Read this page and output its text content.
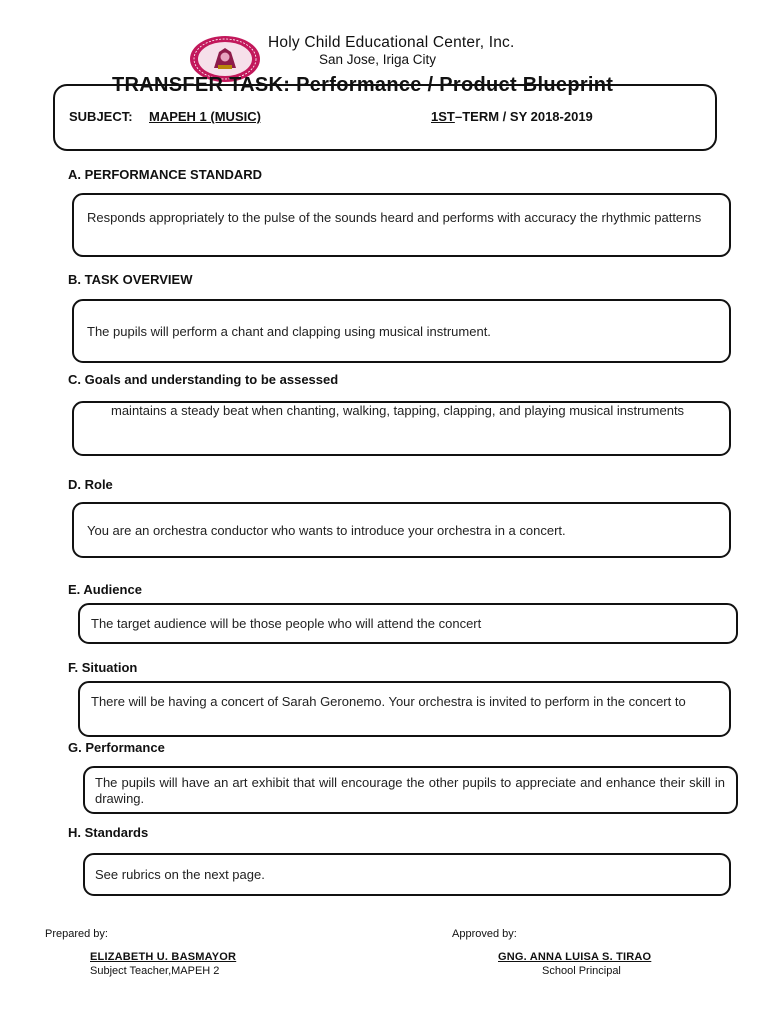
Holy Child Educational Center, Inc.
San Jose, Iriga City
TRANSFER TASK: Performance / Product Blueprint
SUBJECT: MAPEH 1 (MUSIC)	1ST –TERM / SY 2018-2019
A. PERFORMANCE STANDARD
Responds appropriately to the pulse of the sounds heard and performs with accuracy the rhythmic patterns
B. TASK OVERVIEW
The pupils will perform a chant and clapping using musical instrument.
C. Goals and understanding to be assessed
maintains a steady beat when chanting, walking, tapping, clapping, and playing musical instruments
D. Role
You are an orchestra conductor who wants to introduce your orchestra in a concert.
E. Audience
The target audience will be those people who will attend the concert
F. Situation
There will be having a concert of Sarah Geronemo. Your orchestra is invited to perform in the concert to
G. Performance
The pupils will have an art exhibit that will encourage the other pupils to appreciate and enhance their skill in drawing.
H. Standards
See rubrics on the next page.
Prepared by:
ELIZABETH U. BASMAYOR
Subject Teacher,MAPEH 2
Approved by:
GNG. ANNA LUISA S. TIRAO
School Principal
